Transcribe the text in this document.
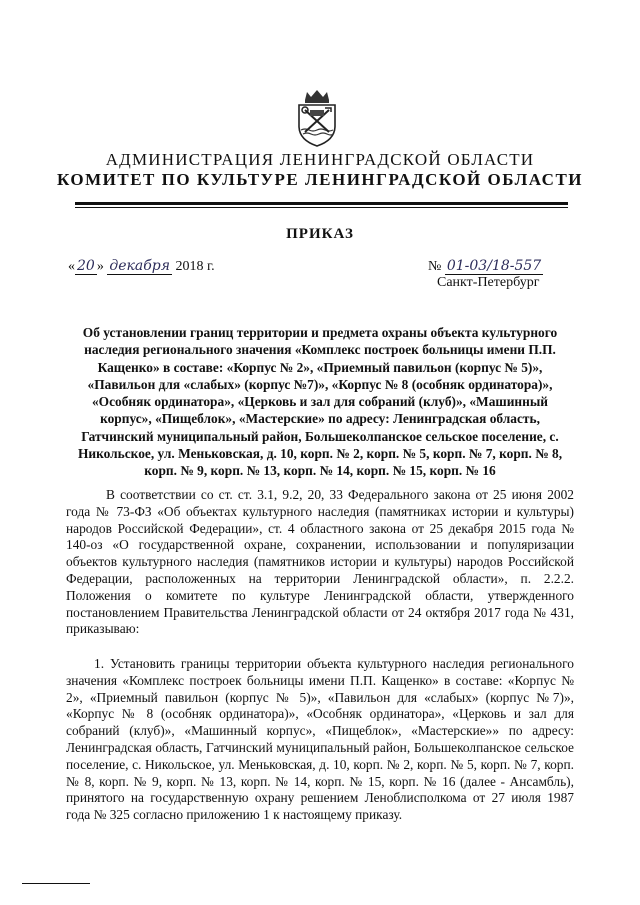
АДМИНИСТРАЦИЯ ЛЕНИНГРАДСКОЙ ОБЛАСТИ
КОМИТЕТ ПО КУЛЬТУРЕ ЛЕНИНГРАДСКОЙ ОБЛАСТИ
ПРИКАЗ
« 20 » декабря 2018 г.	№ 01-03/18-557
Санкт-Петербург
Об установлении границ территории и предмета охраны объекта культурного наследия регионального значения «Комплекс построек больницы имени П.П. Кащенко» в составе: «Корпус № 2», «Приемный павильон (корпус № 5)», «Павильон для «слабых» (корпус №7)», «Корпус № 8 (особняк ординатора)», «Особняк ординатора», «Церковь и зал для собраний (клуб)», «Машинный корпус», «Пищеблок», «Мастерские» по адресу: Ленинградская область, Гатчинский муниципальный район, Большеколпанское сельское поселение, с. Никольское, ул. Меньковская, д. 10, корп. № 2, корп. № 5, корп. № 7, корп. № 8, корп. № 9, корп. № 13, корп. № 14, корп. № 15, корп. № 16
В соответствии со ст. ст. 3.1, 9.2, 20, 33 Федерального закона от 25 июня 2002 года № 73-ФЗ «Об объектах культурного наследия (памятниках истории и культуры) народов Российской Федерации», ст. 4 областного закона от 25 декабря 2015 года № 140-оз «О государственной охране, сохранении, использовании и популяризации объектов культурного наследия (памятников истории и культуры) народов Российской Федерации, расположенных на территории Ленинградской области», п. 2.2.2. Положения о комитете по культуре Ленинградской области, утвержденного постановлением Правительства Ленинградской области от 24 октября 2017 года № 431, приказываю:
1. Установить границы территории объекта культурного наследия регионального значения «Комплекс построек больницы имени П.П. Кащенко» в составе: «Корпус № 2», «Приемный павильон (корпус № 5)», «Павильон для «слабых» (корпус №7)», «Корпус № 8 (особняк ординатора)», «Особняк ординатора», «Церковь и зал для собраний (клуб)», «Машинный корпус», «Пищеблок», «Мастерские»» по адресу: Ленинградская область, Гатчинский муниципальный район, Большеколпанское сельское поселение, с. Никольское, ул. Меньковская, д. 10, корп. № 2, корп. № 5, корп. № 7, корп. № 8, корп. № 9, корп. № 13, корп. № 14, корп. № 15, корп. № 16 (далее - Ансамбль), принятого на государственную охрану решением Леноблисполкома от 27 июля 1987 года № 325 согласно приложению 1 к настоящему приказу.
